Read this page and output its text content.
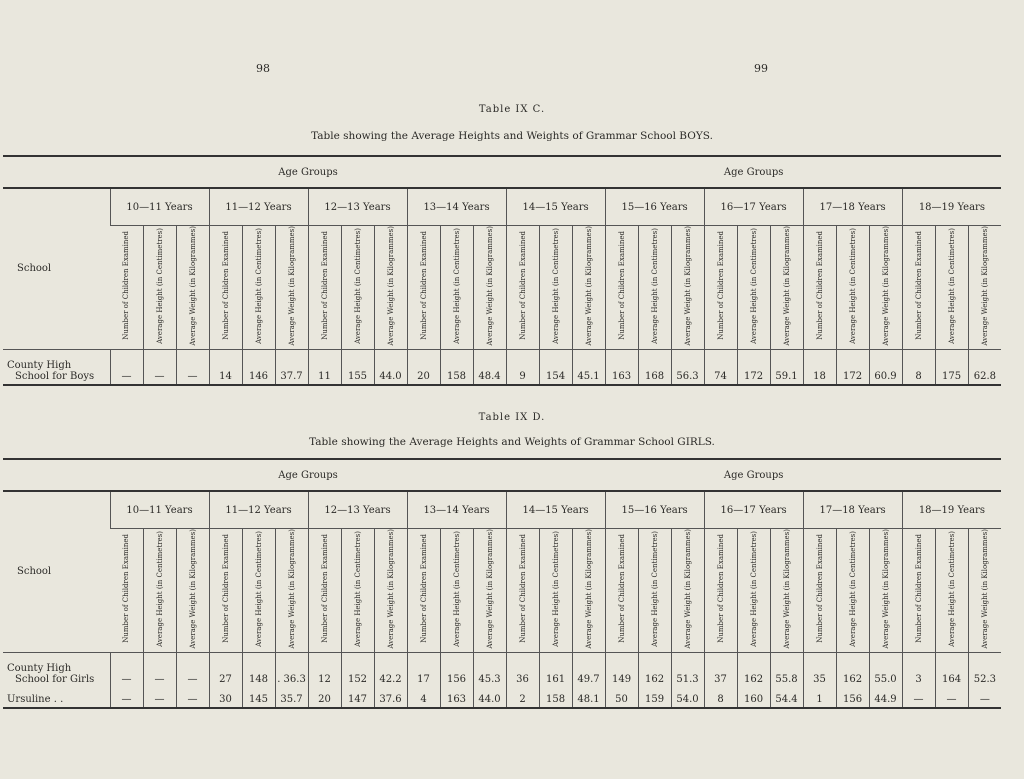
98	99
Table IX C.
Table showing the Average Heights and Weights of Grammar School BOYS.
	Age Groups												Age Groups														
School	10—11 Years			11—12 Years			12—13 Years			13—14 Years			14—15 Years			15—16 Years			16—17 Years			17—18 Years			18—19 Years		
	Number of Children Examined	Average Height (in Centimetres)	Average Weight (in Kilogrammes)	Number of Children Examined	Average Height (in Centimetres)	Average Weight (in Kilogrammes)	Number of Children Examined	Average Height (in Centimetres)	Average Weight (in Kilogrammes)	Number of Children Examined	Average Height (in Centimetres)	Average Weight (in Kilogrammes)	Number of Children Examined	Average Height (in Centimetres)	Average Weight (in Kilogrammes)	Number of Children Examined	Average Height (in Centimetres)	Average Weight (in Kilogrammes)	Number of Children Examined	Average Height (in Centimetres)	Average Weight (in Kilogrammes)	Number of Children Examined	Average Height (in Centimetres)	Average Weight (in Kilogrammes)	Number of Children Examined	Average Height (in Centimetres)	Average Weight (in Kilogrammes)

County High

School for Boys	—	—	—	14	146	37.7	11	155	44.0	20	158	48.4	9	154	45.1	163	168	56.3	74	172	59.1	18	172	60.9	8	175	62.8
Table IX D.
Table showing the Average Heights and Weights of Grammar School GIRLS.
	Age Groups												Age Groups														
School	10—11 Years			11—12 Years			12—13 Years			13—14 Years			14—15 Years			15—16 Years			16—17 Years			17—18 Years			18—19 Years		
	Number of Children Examined	Average Height (in Centimetres)	Average Weight (in Kilogrammes)	Number of Children Examined	Average Height (in Centimetres)	Average Weight (in Kilogrammes)	Number of Children Examined	Average Height (in Centimetres)	Average Weight (in Kilogrammes)	Number of Children Examined	Average Height (in Centimetres)	Average Weight (in Kilogrammes)	Number of Children Examined	Average Height (in Centimetres)	Average Weight (in Kilogrammes)	Number of Children Examined	Average Height (in Centimetres)	Average Weight (in Kilogrammes)	Number of Children Examined	Average Height (in Centimetres)	Average Weight (in Kilogrammes)	Number of Children Examined	Average Height (in Centimetres)	Average Weight (in Kilogrammes)	Number of Children Examined	Average Height (in Centimetres)	Average Weight (in Kilogrammes)

County High

School for Girls	—	—	—	27	148	. 36.3	12	152	42.2	17	156	45.3	36	161	49.7	149	162	51.3	37	162	55.8	35	162	55.0	3	164	52.3
Ursuline . .	—	—	—	30	145	35.7	20	147	37.6	4	163	44.0	2	158	48.1	50	159	54.0	8	160	54.4	1	156	44.9	—	—	—
